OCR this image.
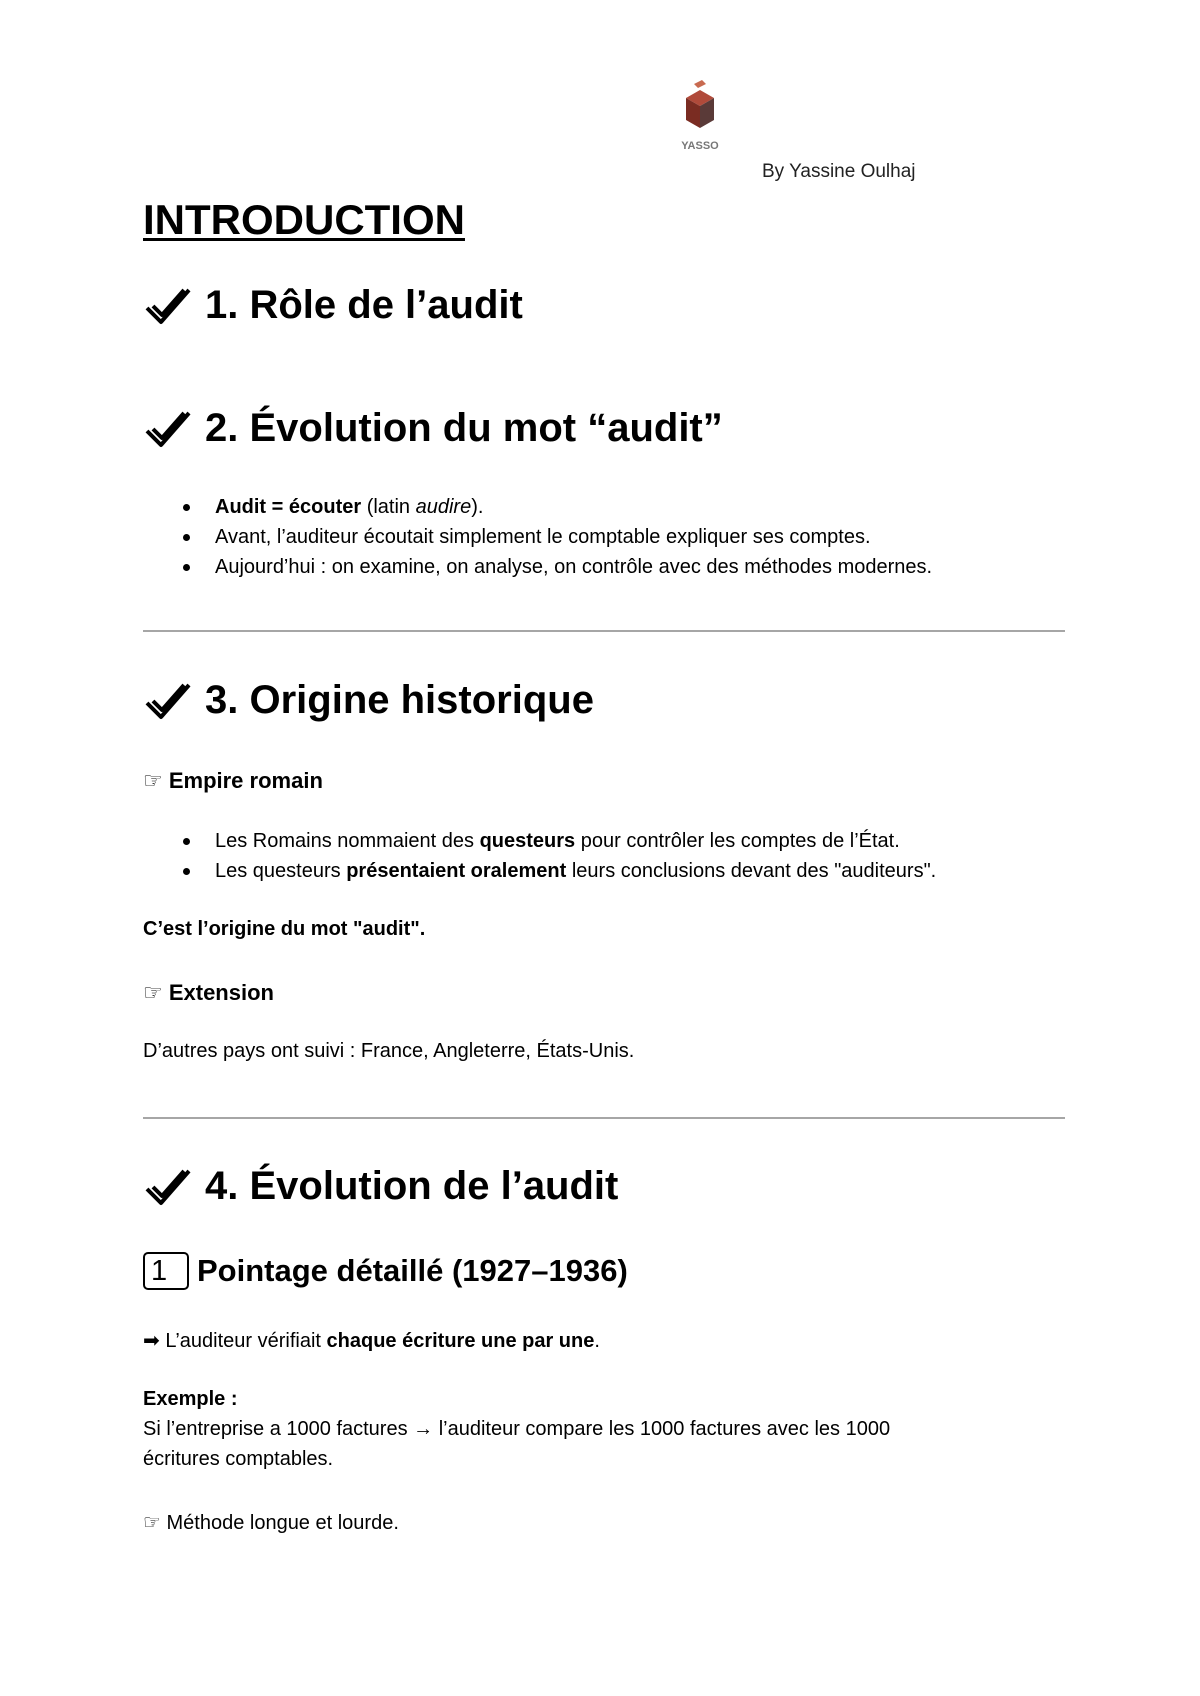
YASSO
By Yassine Oulhaj
INTRODUCTION
1. Rôle de l’audit
2. Évolution du mot “audit”
Audit = écouter (latin audire).
Avant, l’auditeur écoutait simplement le comptable expliquer ses comptes.
Aujourd’hui : on examine, on analyse, on contrôle avec des méthodes modernes.
3. Origine historique

☞ Empire romain

Les Romains nommaient des questeurs pour contrôler les comptes de l’État.
Les questeurs présentaient oralement leurs conclusions devant des "auditeurs".

C’est l’origine du mot "audit".

☞ Extension

D’autres pays ont suivi : France, Angleterre, États-Unis.

4. Évolution de l’audit
1 Pointage détaillé (1927–1936)

➡ L’auditeur vérifiait chaque écriture une par une.

Exemple :

Si l’entreprise a 1000 factures → l’auditeur compare les 1000 factures avec les 1000

écritures comptables.

☞ Méthode longue et lourde.
